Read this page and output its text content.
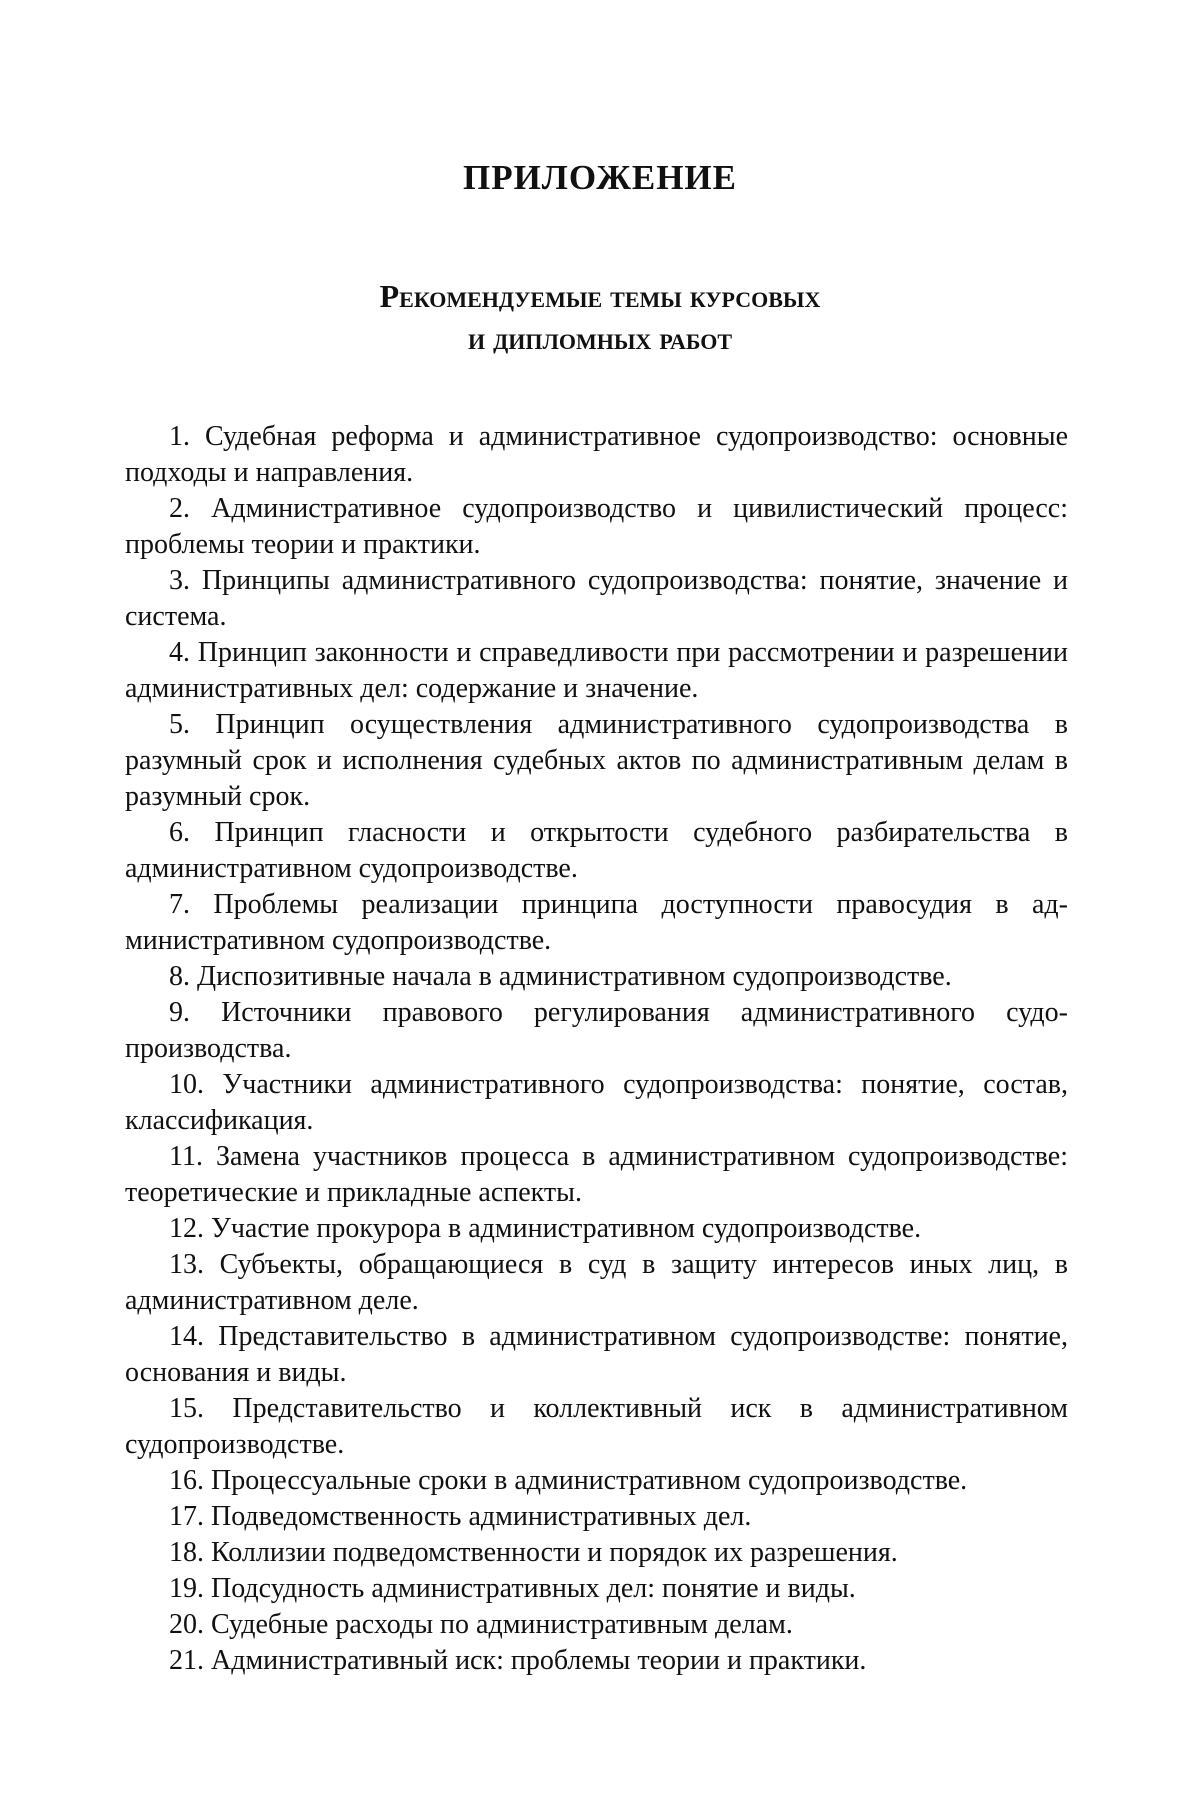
ПРИЛОЖЕНИЕ
Рекомендуемые темы курсовых
и дипломных работ
1. Судебная реформа и административное судопроизводство: основные подходы и направления.
2. Административное судопроизводство и цивилистический процесс: проблемы теории и практики.
3. Принципы административного судопроизводства: понятие, значение и система.
4. Принцип законности и справедливости при рассмотрении и разрешении административных дел: содержание и значение.
5. Принцип осуществления административного судопроизводства в разумный срок и исполнения судебных актов по административным делам в разумный срок.
6. Принцип гласности и открытости судебного разбирательства в административном судопроизводстве.
7. Проблемы реализации принципа доступности правосудия в административном судопроизводстве.
8. Диспозитивные начала в административном судопроизводстве.
9. Источники правового регулирования административного судопроизводства.
10. Участники административного судопроизводства: понятие, состав, классификация.
11. Замена участников процесса в административном судопроизводстве: теоретические и прикладные аспекты.
12. Участие прокурора в административном судопроизводстве.
13. Субъекты, обращающиеся в суд в защиту интересов иных лиц, в административном деле.
14. Представительство в административном судопроизводстве: понятие, основания и виды.
15. Представительство и коллективный иск в административном судопроизводстве.
16. Процессуальные сроки в административном судопроизводстве.
17. Подведомственность административных дел.
18. Коллизии подведомственности и порядок их разрешения.
19. Подсудность административных дел: понятие и виды.
20. Судебные расходы по административным делам.
21. Административный иск: проблемы теории и практики.
